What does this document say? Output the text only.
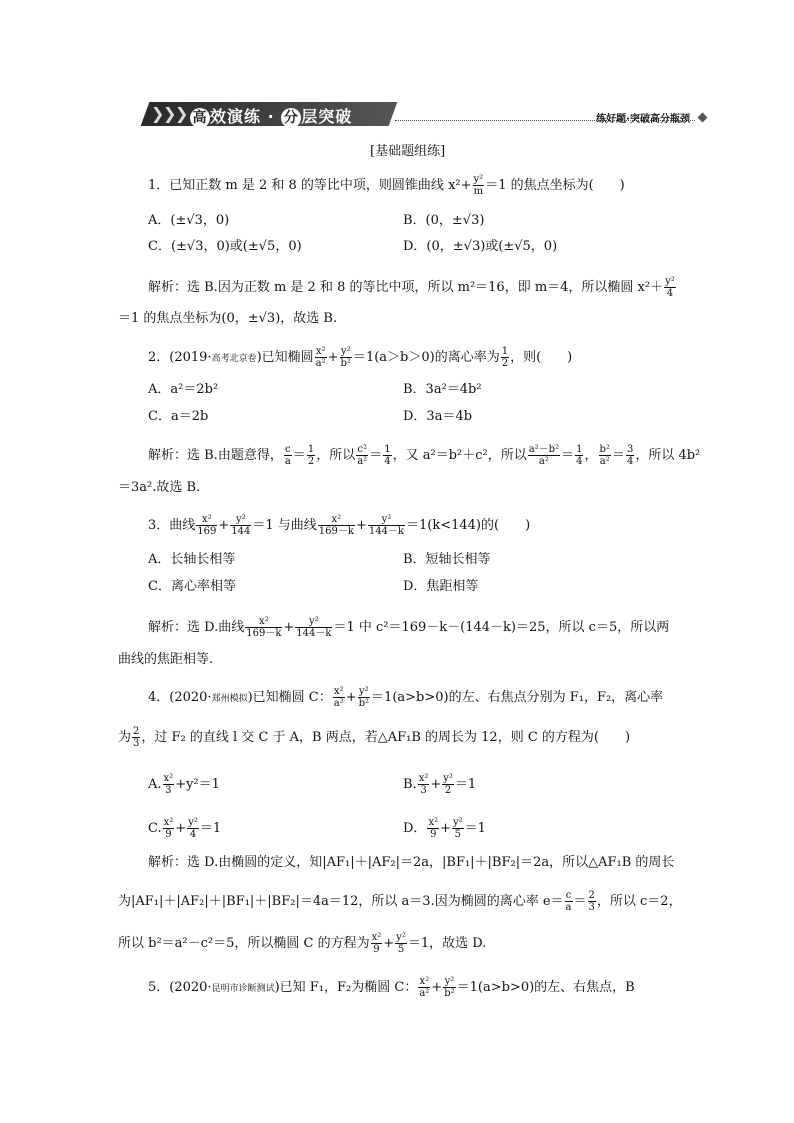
❯
❯
❯ 高 效演练 · 分 层突破	练好题·突破高分瓶颈
[基础题组练]
1．已知正数 m 是 2 和 8 的等比中项，则圆锥曲线 $x^2+ \frac{\text{y²}}{m} =1$ 的焦点坐标为(　　)
A．(±√3，0)	B．(0，±√3)
C．(±√3，0)或(±√5，0)	D．(0，±√3)或(±√5，0)
解析：选 B.因为正数 m 是 2 和 8 的等比中项，所以 m²＝16，即 m＝4，所以椭圆 $x^2+ \frac{\text{y²}}{4}$
＝1 的焦点坐标为(0，±√3)，故选 B.
2．(2019·高考北京卷)已知椭圆 $\frac{\text{x²}}{\text{a²}} + \frac{\text{y²}}{\text{b²}} =1(a>b>0)$的离心率为 $\frac{1}{2}$ ，则(　　)
A．a²＝2b²	B．3a²＝4b²
C．a＝2b	D．3a＝4b
解析：选 B.由题意得， $\frac{c}{a} = \frac{1}{2}$ ，所以 $\frac{\text{c²}}{\text{a²}} = \frac{1}{4}$ ，又 a²＝b²＋c²，所以 $\frac{\text{a²－b²}}{\text{a²}} = \frac{1}{4}$ ， $\frac{\text{b²}}{\text{a²}} = \frac{3}{4}$ ，所以 4b²
＝3a².故选 B.
3．曲线 $\frac{\text{x²}}{169} + \frac{\text{y²}}{144} =1$ 与曲线 $\frac{\text{x²}}{169-k} + \frac{\text{y²}}{144-k} =1(k<144)$的(　　)
A．长轴长相等	B．短轴长相等
C．离心率相等	D．焦距相等
解析：选 D.曲线 $\frac{\text{x²}}{169-k} + \frac{\text{y²}}{144-k} =1$ 中 c²＝169－k－(144－k)＝25，所以 c＝5，所以两
曲线的焦距相等.
4．(2020·郑州模拟)已知椭圆 C： $\frac{\text{x²}}{\text{a²}} + \frac{\text{y²}}{\text{b²}} =1(a>b>0)$的左、右焦点分别为 F₁，F₂，离心率
为 $\frac{2}{3}$ ，过 F₂ 的直线 l 交 C 于 A，B 两点，若△AF₁B 的周长为 12，则 C 的方程为(　　)
A. $\frac{\text{x²}}{3} +y^2=1$	B. $\frac{\text{x²}}{3} + \frac{\text{y²}}{2} =1$
C. $\frac{\text{x²}}{9} + \frac{\text{y²}}{4} =1$	D． $\frac{\text{x²}}{9} + \frac{\text{y²}}{5} =1$
解析：选 D.由椭圆的定义，知|AF₁|＋|AF₂|＝2a，|BF₁|＋|BF₂|＝2a，所以△AF₁B 的周长
为|AF₁|＋|AF₂|＋|BF₁|＋|BF₂|＝4a＝12，所以 a＝3.因为椭圆的离心率 $e= \frac{c}{a} = \frac{2}{3}$ ，所以 c＝2，
所以 b²＝a²－c²＝5，所以椭圆 C 的方程为 $\frac{\text{x²}}{9} + \frac{\text{y²}}{5} =1$，故选 D.
5．(2020·昆明市诊断测试)已知 F₁，F₂为椭圆 C： $\frac{\text{x²}}{\text{a²}} + \frac{\text{y²}}{\text{b²}} =1(a>b>0)$的左、右焦点，B
